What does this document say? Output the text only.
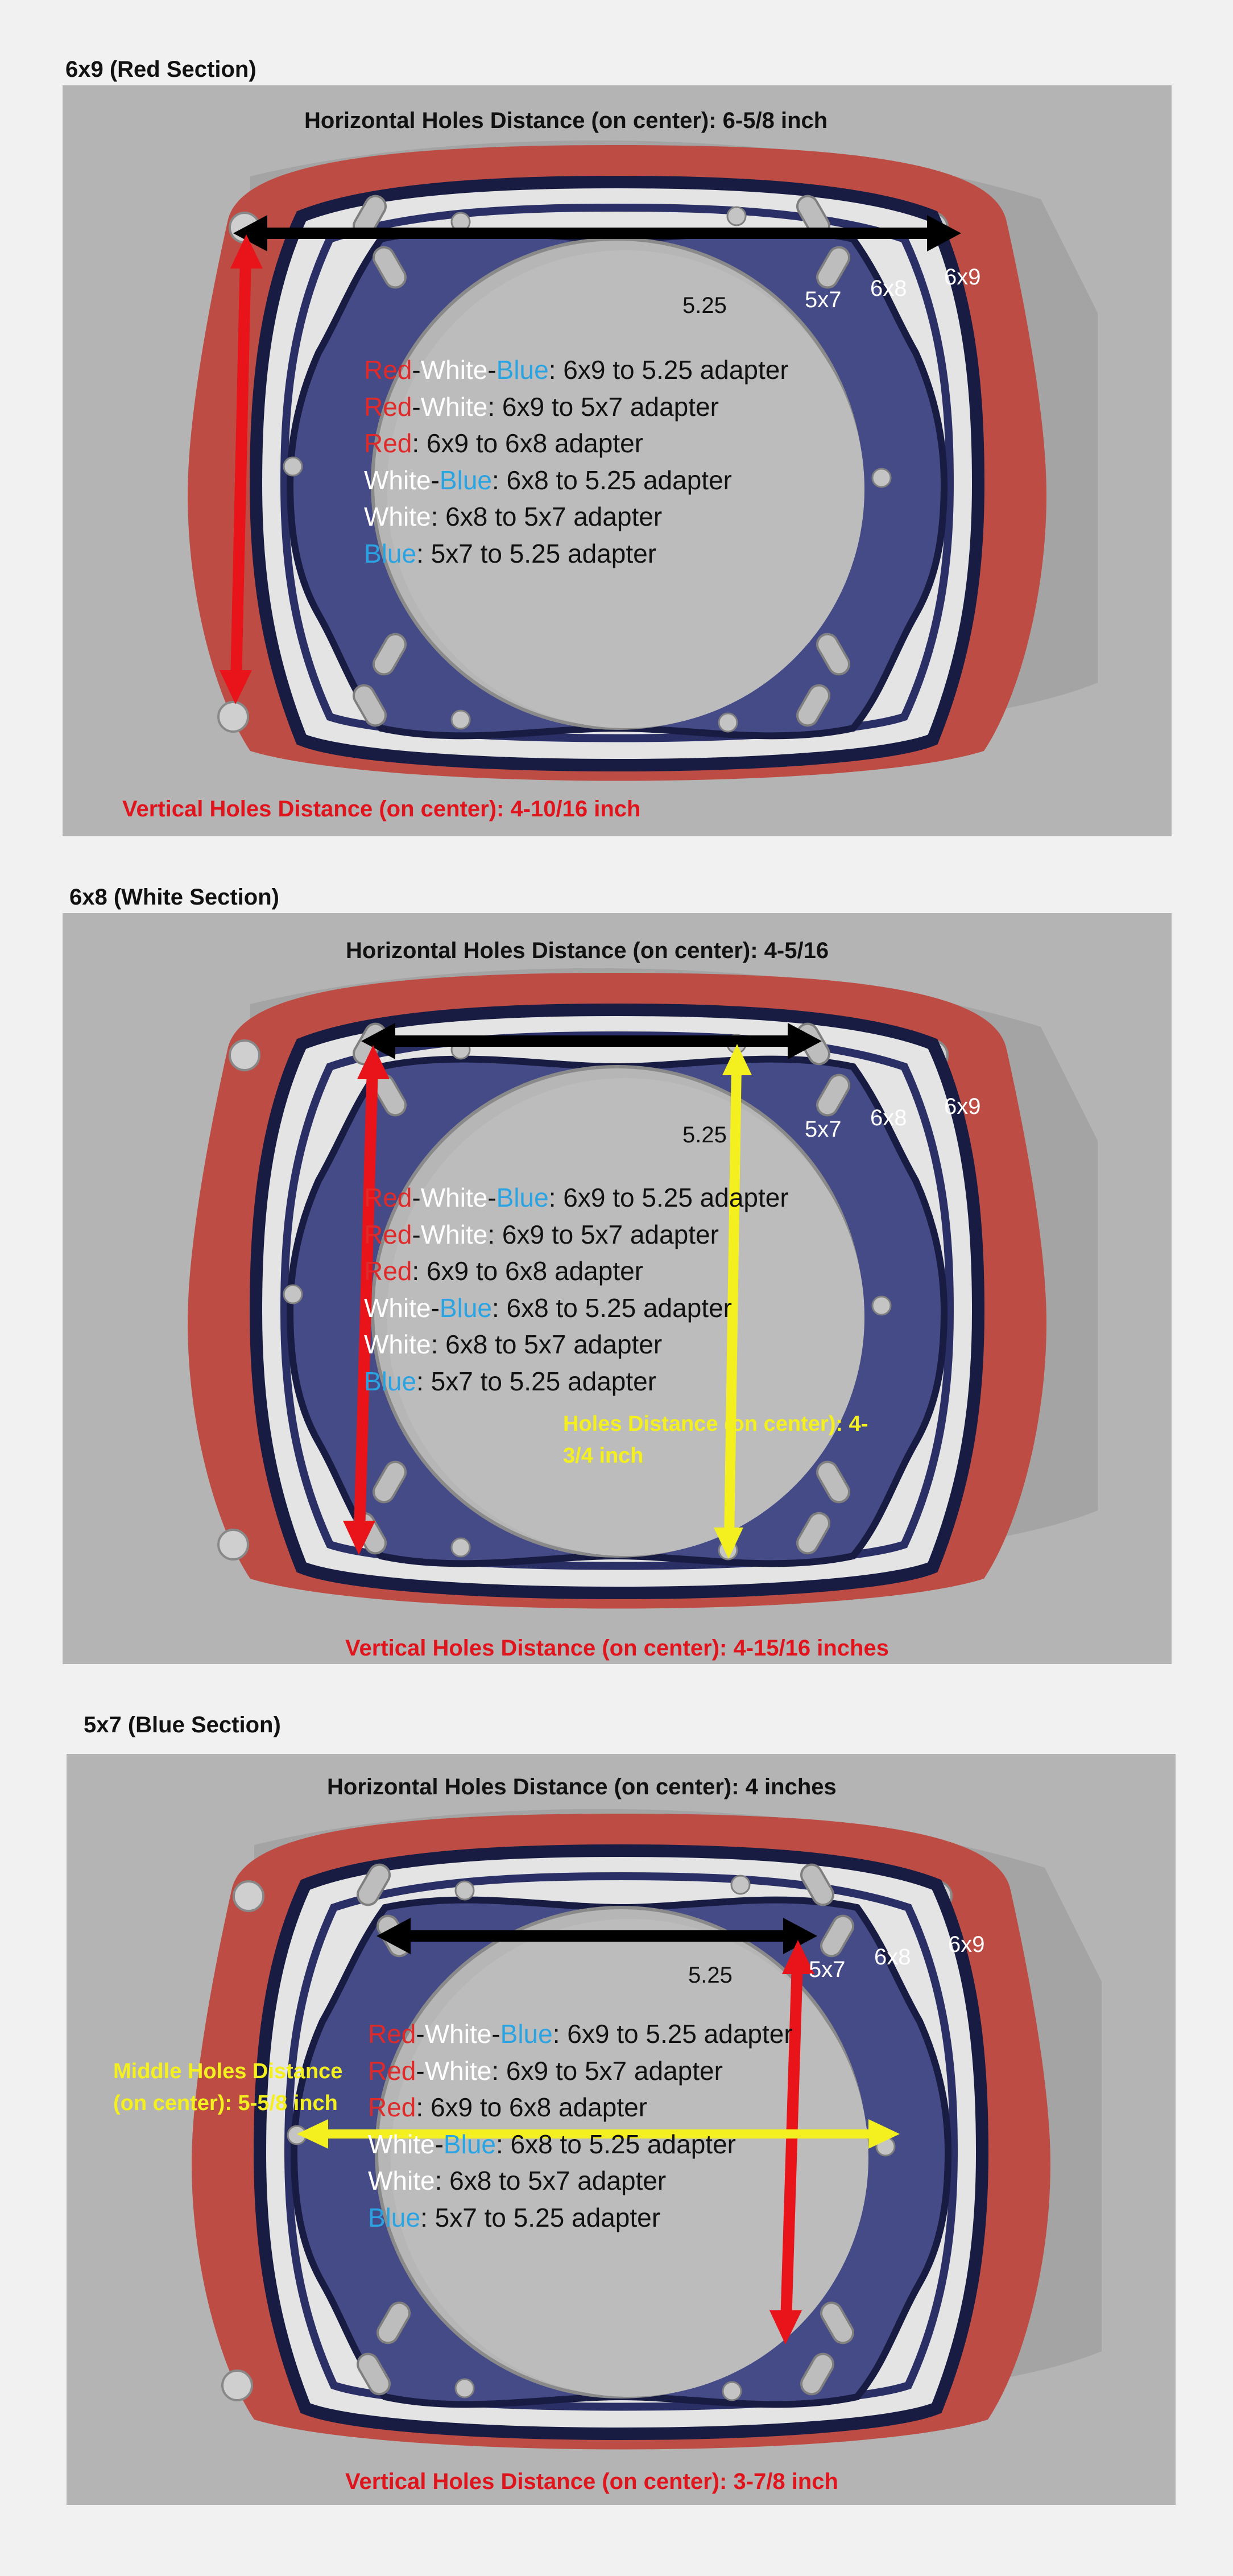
6x9 (Red Section)
Horizontal Holes Distance (on center): 6-5/8 inch
Vertical Holes Distance (on center): 4-10/16 inch
5.25	5x7 6x8 6x9
Red-White-Blue: 6x9 to 5.25 adapter
Red-White: 6x9 to 5x7 adapter
Red: 6x9 to 6x8 adapter
White-Blue: 6x8 to 5.25 adapter
White: 6x8 to 5x7 adapter
Blue: 5x7 to 5.25 adapter
6x8 (White Section)
Horizontal Holes Distance (on center): 4-5/16
Vertical Holes Distance (on center): 4-15/16 inches
Holes Distance (on center): 4-3/4 inch
5.25	5x7 6x8 6x9
Red-White-Blue: 6x9 to 5.25 adapter
Red-White: 6x9 to 5x7 adapter
Red: 6x9 to 6x8 adapter
White-Blue: 6x8 to 5.25 adapter
White: 6x8 to 5x7 adapter
Blue: 5x7 to 5.25 adapter
5x7 (Blue Section)
Horizontal Holes Distance (on center): 4 inches
Vertical Holes Distance (on center): 3-7/8 inch
Middle Holes Distance (on center): 5-5/8 inch
5.25	5x7 6x8 6x9
Red-White-Blue: 6x9 to 5.25 adapter
Red-White: 6x9 to 5x7 adapter
Red: 6x9 to 6x8 adapter
White-Blue: 6x8 to 5.25 adapter
White: 6x8 to 5x7 adapter
Blue: 5x7 to 5.25 adapter
